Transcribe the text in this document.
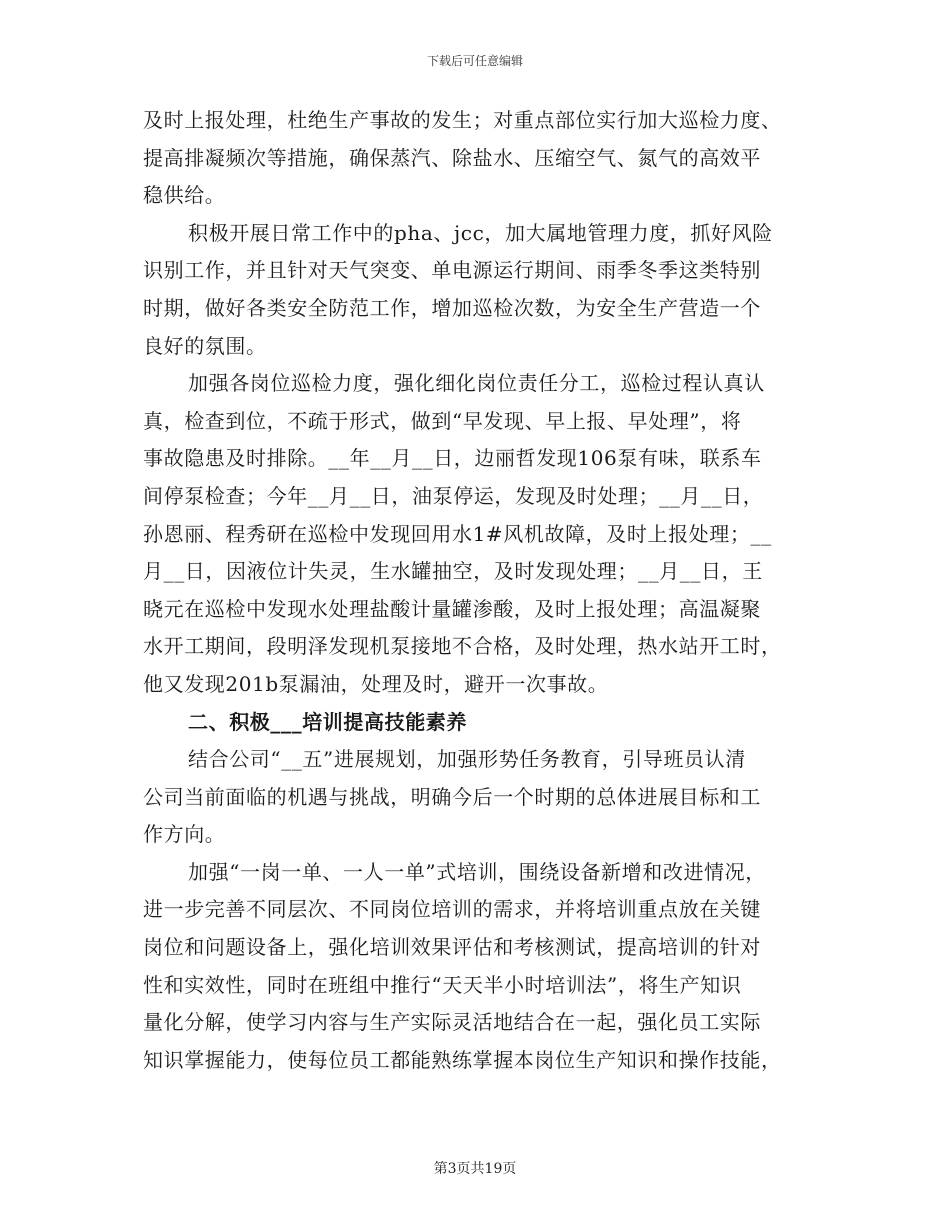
下载后可任意编辑
及时上报处理，杜绝生产事故的发生；对重点部位实行加大巡检力度、
提高排凝频次等措施，确保蒸汽、除盐水、压缩空气、氮气的高效平
稳供给。
积极开展日常工作中的pha、jcc，加大属地管理力度，抓好风险
识别工作，并且针对天气突变、单电源运行期间、雨季冬季这类特别
时期，做好各类安全防范工作，增加巡检次数，为安全生产营造一个
良好的氛围。
加强各岗位巡检力度，强化细化岗位责任分工，巡检过程认真认
真，检查到位，不疏于形式，做到“早发现、早上报、早处理”，将
事故隐患及时排除。__年__月__日，边丽哲发现106泵有味，联系车
间停泵检查；今年__月__日，油泵停运，发现及时处理；__月__日，
孙恩丽、程秀研在巡检中发现回用水1#风机故障，及时上报处理；__
月__日，因液位计失灵，生水罐抽空，及时发现处理；__月__日，王
晓元在巡检中发现水处理盐酸计量罐渗酸，及时上报处理；高温凝聚
水开工期间，段明泽发现机泵接地不合格，及时处理，热水站开工时，
他又发现201b泵漏油，处理及时，避开一次事故。
二、积极___培训提高技能素养
结合公司“__五”进展规划，加强形势任务教育，引导班员认清
公司当前面临的机遇与挑战，明确今后一个时期的总体进展目标和工
作方向。
加强“一岗一单、一人一单”式培训，围绕设备新增和改进情况，
进一步完善不同层次、不同岗位培训的需求，并将培训重点放在关键
岗位和问题设备上，强化培训效果评估和考核测试，提高培训的针对
性和实效性，同时在班组中推行“天天半小时培训法”，将生产知识
量化分解，使学习内容与生产实际灵活地结合在一起，强化员工实际
知识掌握能力，使每位员工都能熟练掌握本岗位生产知识和操作技能，
第3页共19页
